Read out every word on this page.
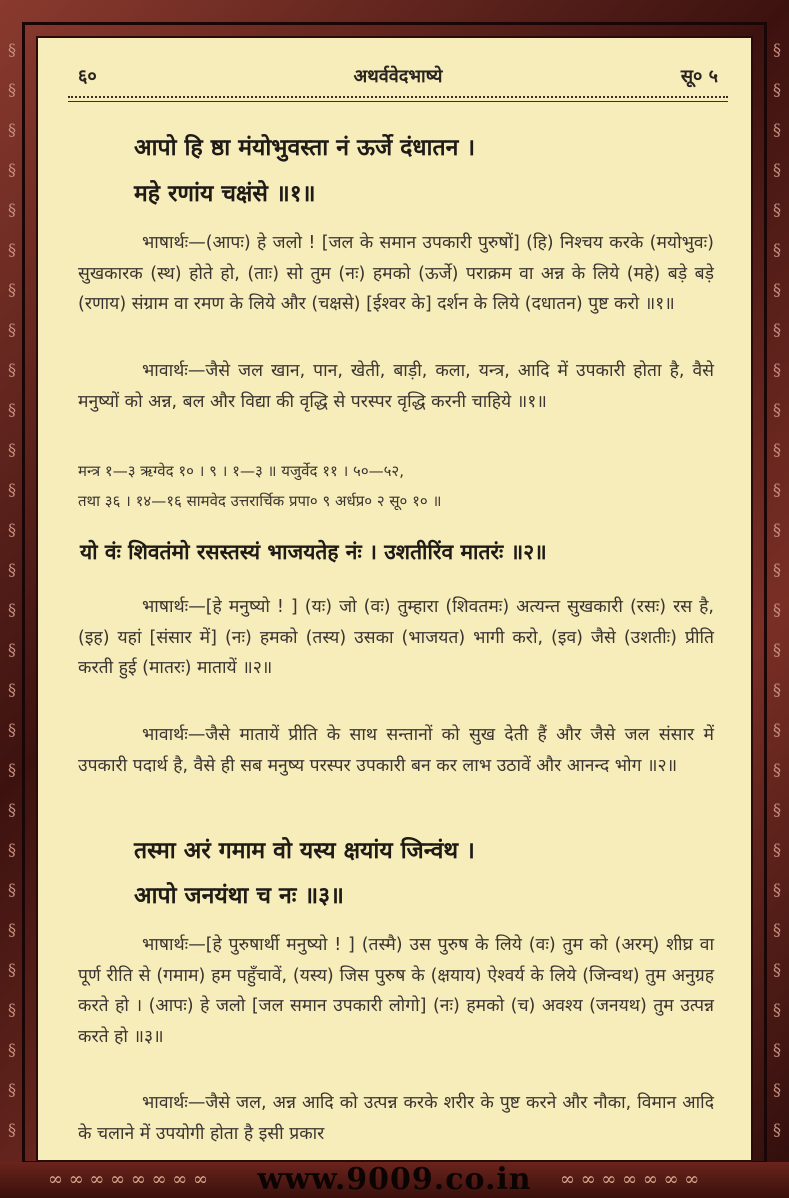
§
§
§
§
§
§
§
§
§
§
§
§
§
§
§
§
§
§
§
§
§
§
§
§
§
§
§
§
§
§
§
§
§
§
§
§
§
§
§
§
§
§
§
§
§
§
§
§
§
§
§
§
§
§
§
§
६०	अथर्ववेदभाष्ये	सू० ५
आपो हि ष्ठा मंयोभुवस्ता नं ऊर्जे दंधातन ।
महे रणांय चक्षंसे ॥१॥
भाषार्थः—(आपः) हे जलो ! [जल के समान उपकारी पुरुषों] (हि) निश्चय करके (मयोभुवः) सुखकारक (स्थ) होते हो, (ताः) सो तुम (नः) हमको (ऊर्जे) पराक्रम वा अन्न के लिये (महे) बड़े बड़े (रणाय) संग्राम वा रमण के लिये और (चक्षसे) [ईश्वर के] दर्शन के लिये (दधातन) पुष्ट करो ॥१॥
भावार्थः—जैसे जल खान, पान, खेती, बाड़ी, कला, यन्त्र, आदि में उपकारी होता है, वैसे मनुष्यों को अन्न, बल और विद्या की वृद्धि से परस्पर वृद्धि करनी चाहिये ॥१॥
मन्त्र १—३ ऋग्वेद १० । ९ । १—३ ॥ यजुर्वेद ११ । ५०—५२,
तथा ३६ । १४—१६ सामवेद उत्तरार्चिक प्रपा० ९ अर्धप्र० २ सू० १० ॥
यो वंः शिवतंमो रसस्तस्यं भाजयतेह नंः । उशतीरिंव मातरंः ॥२॥
भाषार्थः—[हे मनुष्यो ! ] (यः) जो (वः) तुम्हारा (शिवतमः) अत्यन्त सुखकारी (रसः) रस है, (इह) यहां [संसार में] (नः) हमको (तस्य) उसका (भाजयत) भागी करो, (इव) जैसे (उशतीः) प्रीति करती हुई (मातरः) मातायें ॥२॥
भावार्थः—जैसे मातायें प्रीति के साथ सन्तानों को सुख देती हैं और जैसे जल संसार में उपकारी पदार्थ है, वैसे ही सब मनुष्य परस्पर उपकारी बन कर लाभ उठावें और आनन्द भोग ॥२॥
तस्मा अरं गमाम वो यस्य क्षयांय जिन्वंथ ।
आपो जनयंथा च नः ॥३॥
भाषार्थः—[हे पुरुषार्थी मनुष्यो ! ] (तस्मै) उस पुरुष के लिये (वः) तुम को (अरम्) शीघ्र वा पूर्ण रीति से (गमाम) हम पहुँचावें, (यस्य) जिस पुरुष के (क्षयाय) ऐश्वर्य के लिये (जिन्वथ) तुम अनुग्रह करते हो । (आपः) हे जलो [जल समान उपकारी लोगो] (नः) हमको (च) अवश्य (जनयथ) तुम उत्पन्न करते हो ॥३॥
भावार्थः—जैसे जल, अन्न आदि को उत्पन्न करके शरीर के पुष्ट करने और नौका, विमान आदि के चलाने में उपयोगी होता है इसी प्रकार
∞ ∞ ∞ ∞ ∞ ∞ ∞ ∞	∞ ∞ ∞ ∞ ∞ ∞ ∞
www.9009.co.in
